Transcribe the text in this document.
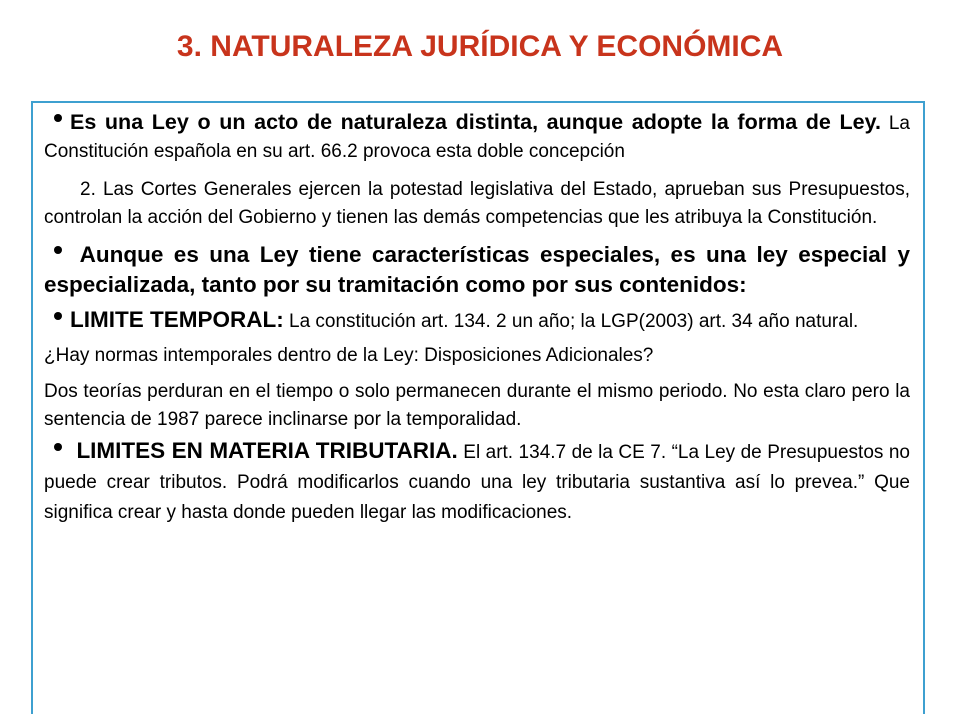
3. NATURALEZA JURÍDICA Y ECONÓMICA

Es una Ley o un acto de naturaleza distinta, aunque adopte la forma de Ley. La Constitución española en su art. 66.2 provoca esta doble concepción

2. Las Cortes Generales ejercen la potestad legislativa del Estado, aprueban sus Presupuestos, controlan la acción del Gobierno y tienen las demás competencias que les atribuya la Constitución.

Aunque es una Ley tiene características especiales, es una ley especial y especializada, tanto por su tramitación como por sus contenidos:

LIMITE TEMPORAL: La constitución art. 134. 2 un año; la LGP(2003) art. 34 año natural.

¿Hay normas intemporales dentro de la Ley: Disposiciones Adicionales?

Dos teorías perduran en el tiempo o solo permanecen durante el mismo periodo. No esta claro pero la sentencia de 1987 parece inclinarse por la temporalidad.

LIMITES EN MATERIA TRIBUTARIA. El art. 134.7 de la CE 7. “La Ley de Presupuestos no puede crear tributos. Podrá modificarlos cuando una ley tributaria sustantiva así lo prevea.” Que significa crear y hasta donde pueden llegar las modificaciones.
